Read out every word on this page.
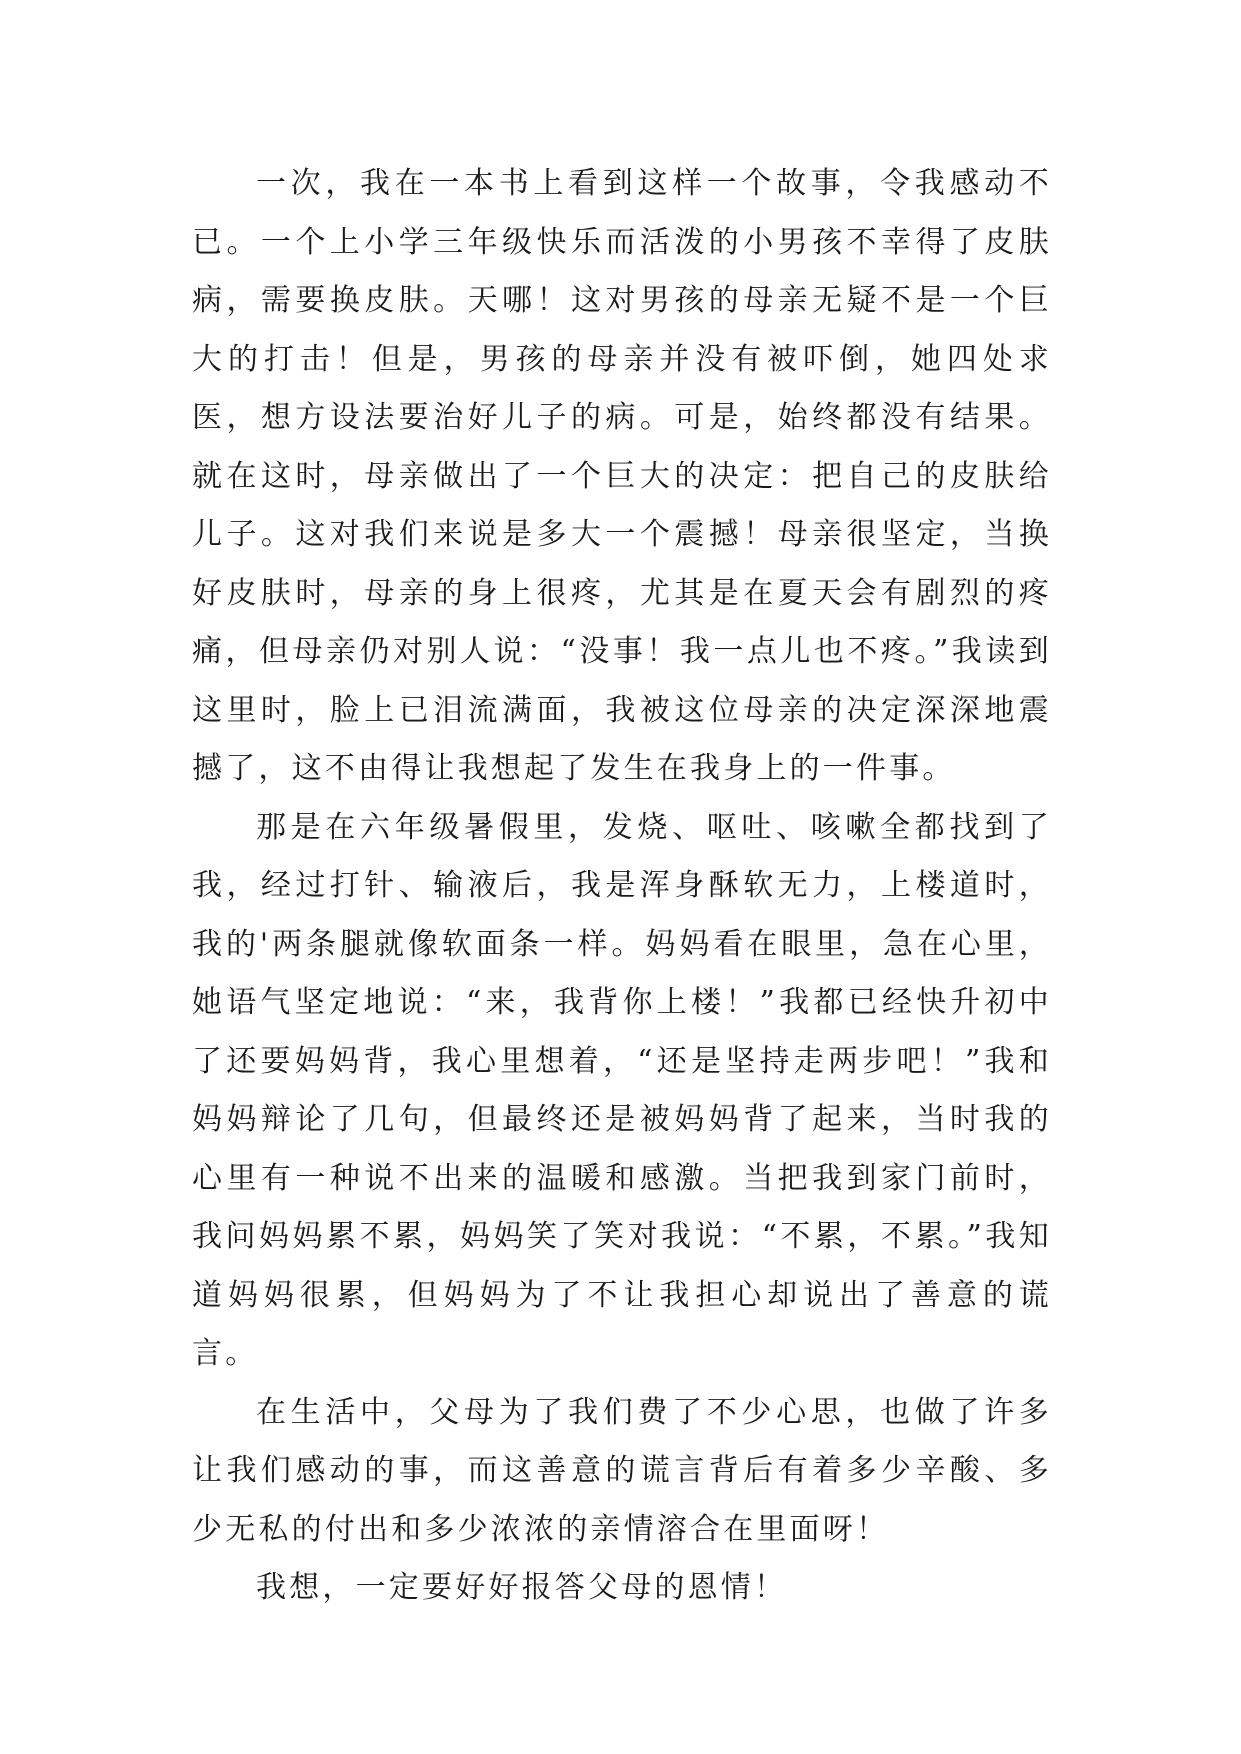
一次，我在一本书上看到这样一个故事，令我感动不已。一个上小学三年级快乐而活泼的小男孩不幸得了皮肤病，需要换皮肤。天哪！这对男孩的母亲无疑不是一个巨大的打击！但是，男孩的母亲并没有被吓倒，她四处求医，想方设法要治好儿子的病。可是，始终都没有结果。就在这时，母亲做出了一个巨大的决定：把自己的皮肤给儿子。这对我们来说是多大一个震撼！母亲很坚定，当换好皮肤时，母亲的身上很疼，尤其是在夏天会有剧烈的疼痛，但母亲仍对别人说：“没事！我一点儿也不疼。”我读到这里时，脸上已泪流满面，我被这位母亲的决定深深地震撼了，这不由得让我想起了发生在我身上的一件事。

那是在六年级暑假里，发烧、呕吐、咳嗽全都找到了我，经过打针、输液后，我是浑身酥软无力，上楼道时，我的'两条腿就像软面条一样。妈妈看在眼里，急在心里，她语气坚定地说：“来，我背你上楼！”我都已经快升初中了还要妈妈背，我心里想着，“还是坚持走两步吧！”我和妈妈辩论了几句，但最终还是被妈妈背了起来，当时我的心里有一种说不出来的温暖和感激。当把我到家门前时，我问妈妈累不累，妈妈笑了笑对我说：“不累，不累。”我知道妈妈很累，但妈妈为了不让我担心却说出了善意的谎言。

在生活中，父母为了我们费了不少心思，也做了许多让我们感动的事，而这善意的谎言背后有着多少辛酸、多少无私的付出和多少浓浓的亲情溶合在里面呀！

我想，一定要好好报答父母的恩情！
